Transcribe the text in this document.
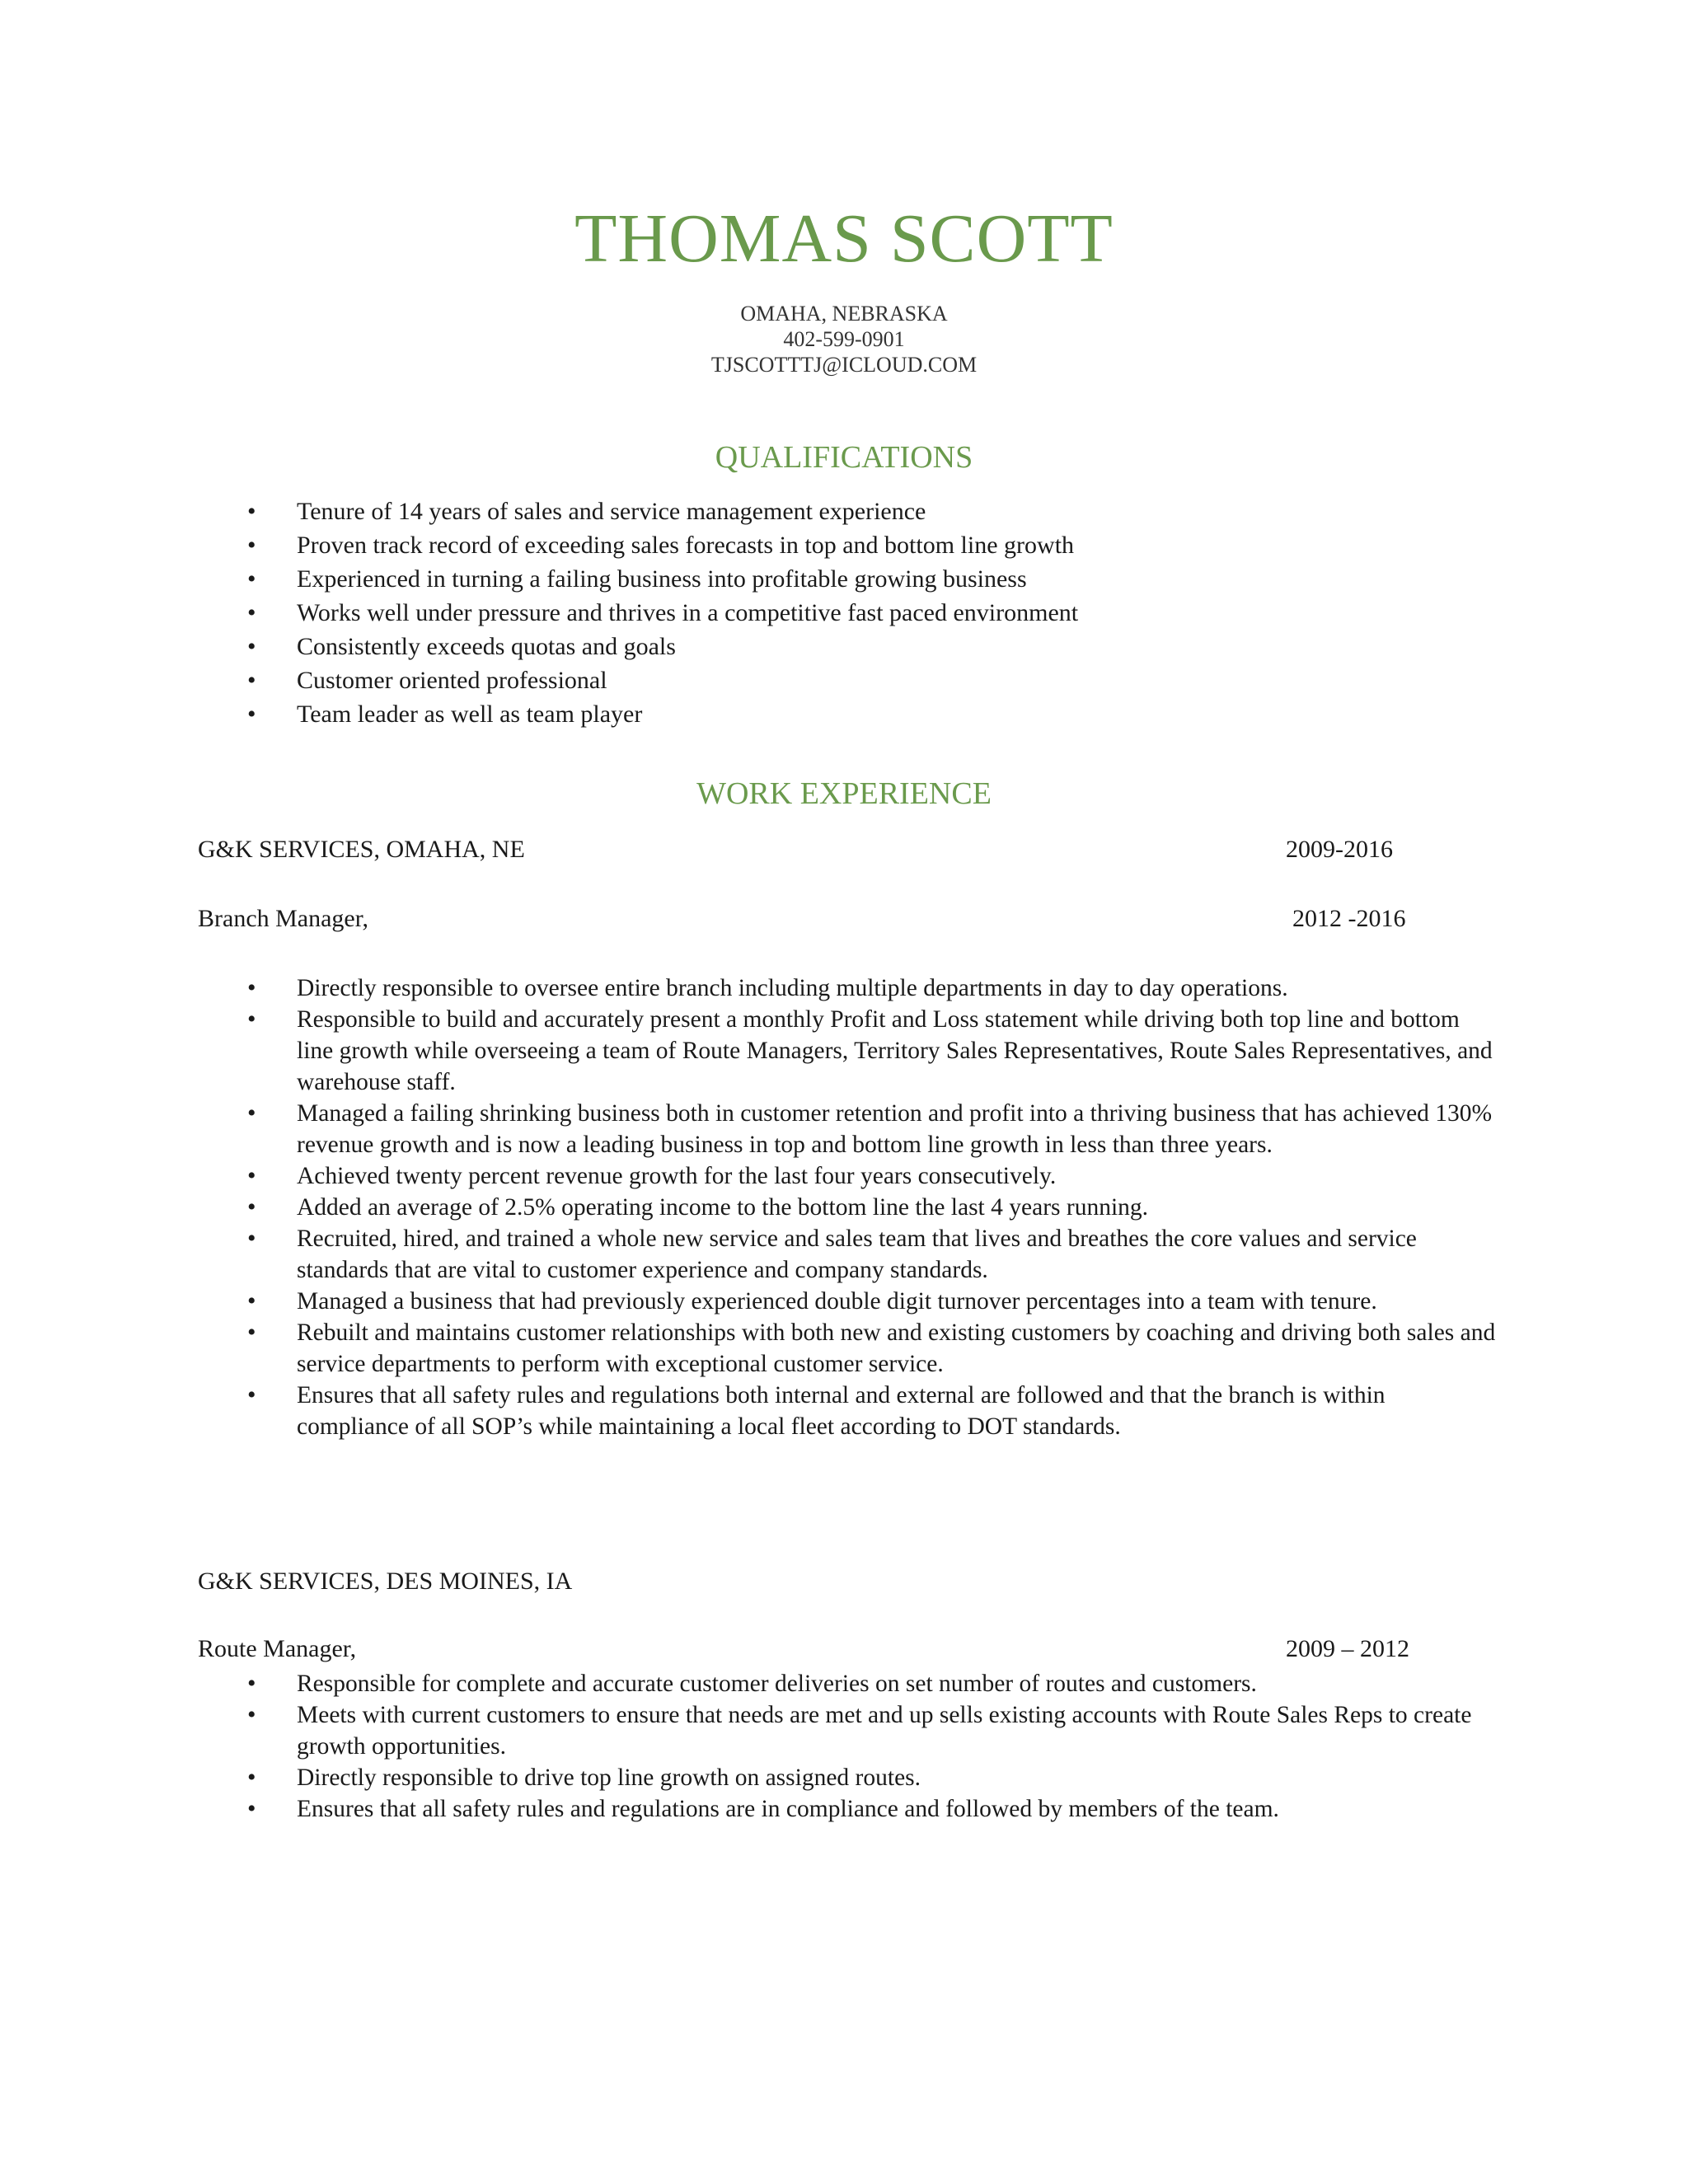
THOMAS SCOTT
OMAHA, NEBRASKA
402-599-0901
TJSCOTTTJ@ICLOUD.COM
QUALIFICATIONS
• Tenure of 14 years of sales and service management experience
• Proven track record of exceeding sales forecasts in top and bottom line growth
• Experienced in turning a failing business into profitable growing business
• Works well under pressure and thrives in a competitive fast paced environment
• Consistently exceeds quotas and goals
• Customer oriented professional
• Team leader as well as team player
WORK EXPERIENCE
G&K SERVICES, OMAHA, NE	2009-2016
Branch Manager,	2012 -2016
• Directly responsible to oversee entire branch including multiple departments in day to day operations.
• Responsible to build and accurately present a monthly Profit and Loss statement while driving both top line and bottom line growth while overseeing a team of Route Managers, Territory Sales Representatives, Route Sales Representatives, and warehouse staff.
• Managed a failing shrinking business both in customer retention and profit into a thriving business that has achieved 130% revenue growth and is now a leading business in top and bottom line growth in less than three years.
• Achieved twenty percent revenue growth for the last four years consecutively.
• Added an average of 2.5% operating income to the bottom line the last 4 years running.
• Recruited, hired, and trained a whole new service and sales team that lives and breathes the core values and service standards that are vital to customer experience and company standards.
• Managed a business that had previously experienced double digit turnover percentages into a team with tenure.
• Rebuilt and maintains customer relationships with both new and existing customers by coaching and driving both sales and service departments to perform with exceptional customer service.
• Ensures that all safety rules and regulations both internal and external are followed and that the branch is within compliance of all SOP’s while maintaining a local fleet according to DOT standards.
G&K SERVICES, DES MOINES, IA
Route Manager,	2009 – 2012
• Responsible for complete and accurate customer deliveries on set number of routes and customers.
• Meets with current customers to ensure that needs are met and up sells existing accounts with Route Sales Reps to create growth opportunities.
• Directly responsible to drive top line growth on assigned routes.
• Ensures that all safety rules and regulations are in compliance and followed by members of the team.
